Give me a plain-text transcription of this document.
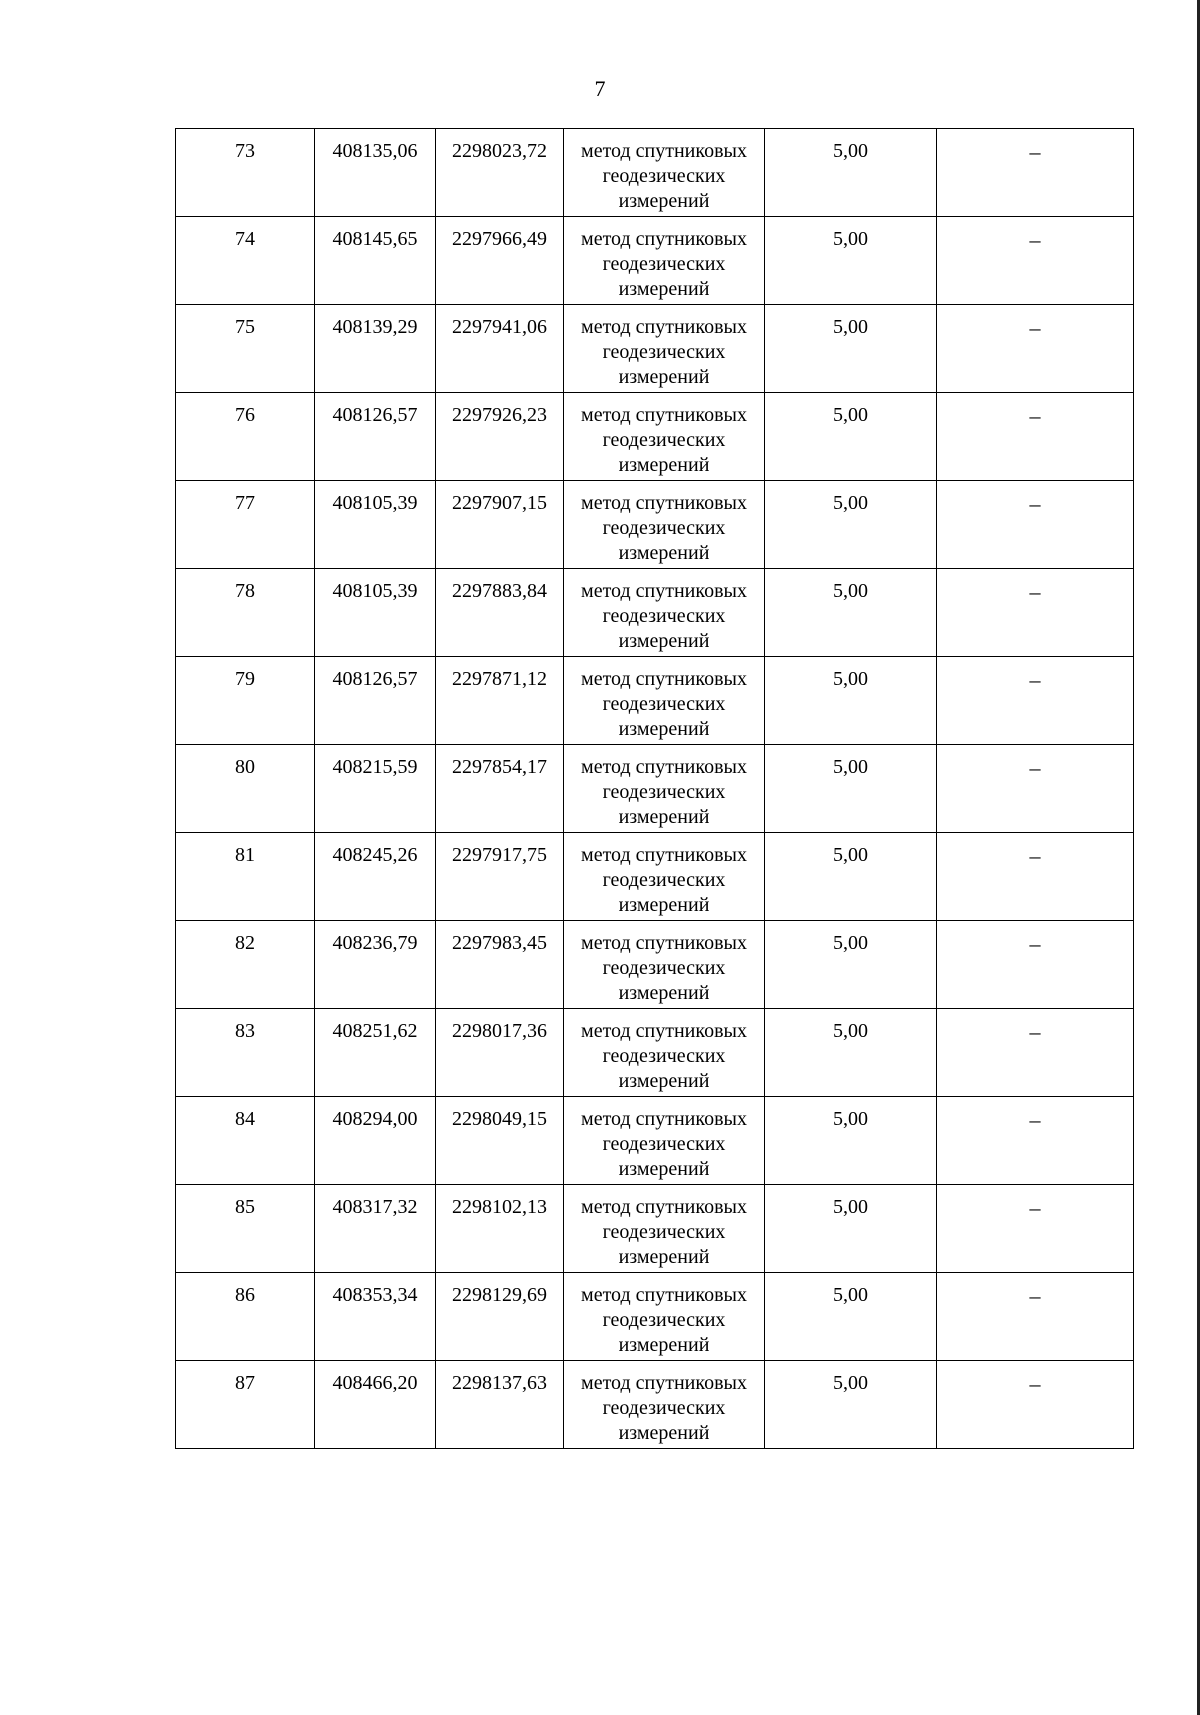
7
73	408135,06	2298023,72	метод спутниковых геодезических измерений	5,00	–
74	408145,65	2297966,49	метод спутниковых геодезических измерений	5,00	–
75	408139,29	2297941,06	метод спутниковых геодезических измерений	5,00	–
76	408126,57	2297926,23	метод спутниковых геодезических измерений	5,00	–
77	408105,39	2297907,15	метод спутниковых геодезических измерений	5,00	–
78	408105,39	2297883,84	метод спутниковых геодезических измерений	5,00	–
79	408126,57	2297871,12	метод спутниковых геодезических измерений	5,00	–
80	408215,59	2297854,17	метод спутниковых геодезических измерений	5,00	–
81	408245,26	2297917,75	метод спутниковых геодезических измерений	5,00	–
82	408236,79	2297983,45	метод спутниковых геодезических измерений	5,00	–
83	408251,62	2298017,36	метод спутниковых геодезических измерений	5,00	–
84	408294,00	2298049,15	метод спутниковых геодезических измерений	5,00	–
85	408317,32	2298102,13	метод спутниковых геодезических измерений	5,00	–
86	408353,34	2298129,69	метод спутниковых геодезических измерений	5,00	–
87	408466,20	2298137,63	метод спутниковых геодезических измерений	5,00	–
